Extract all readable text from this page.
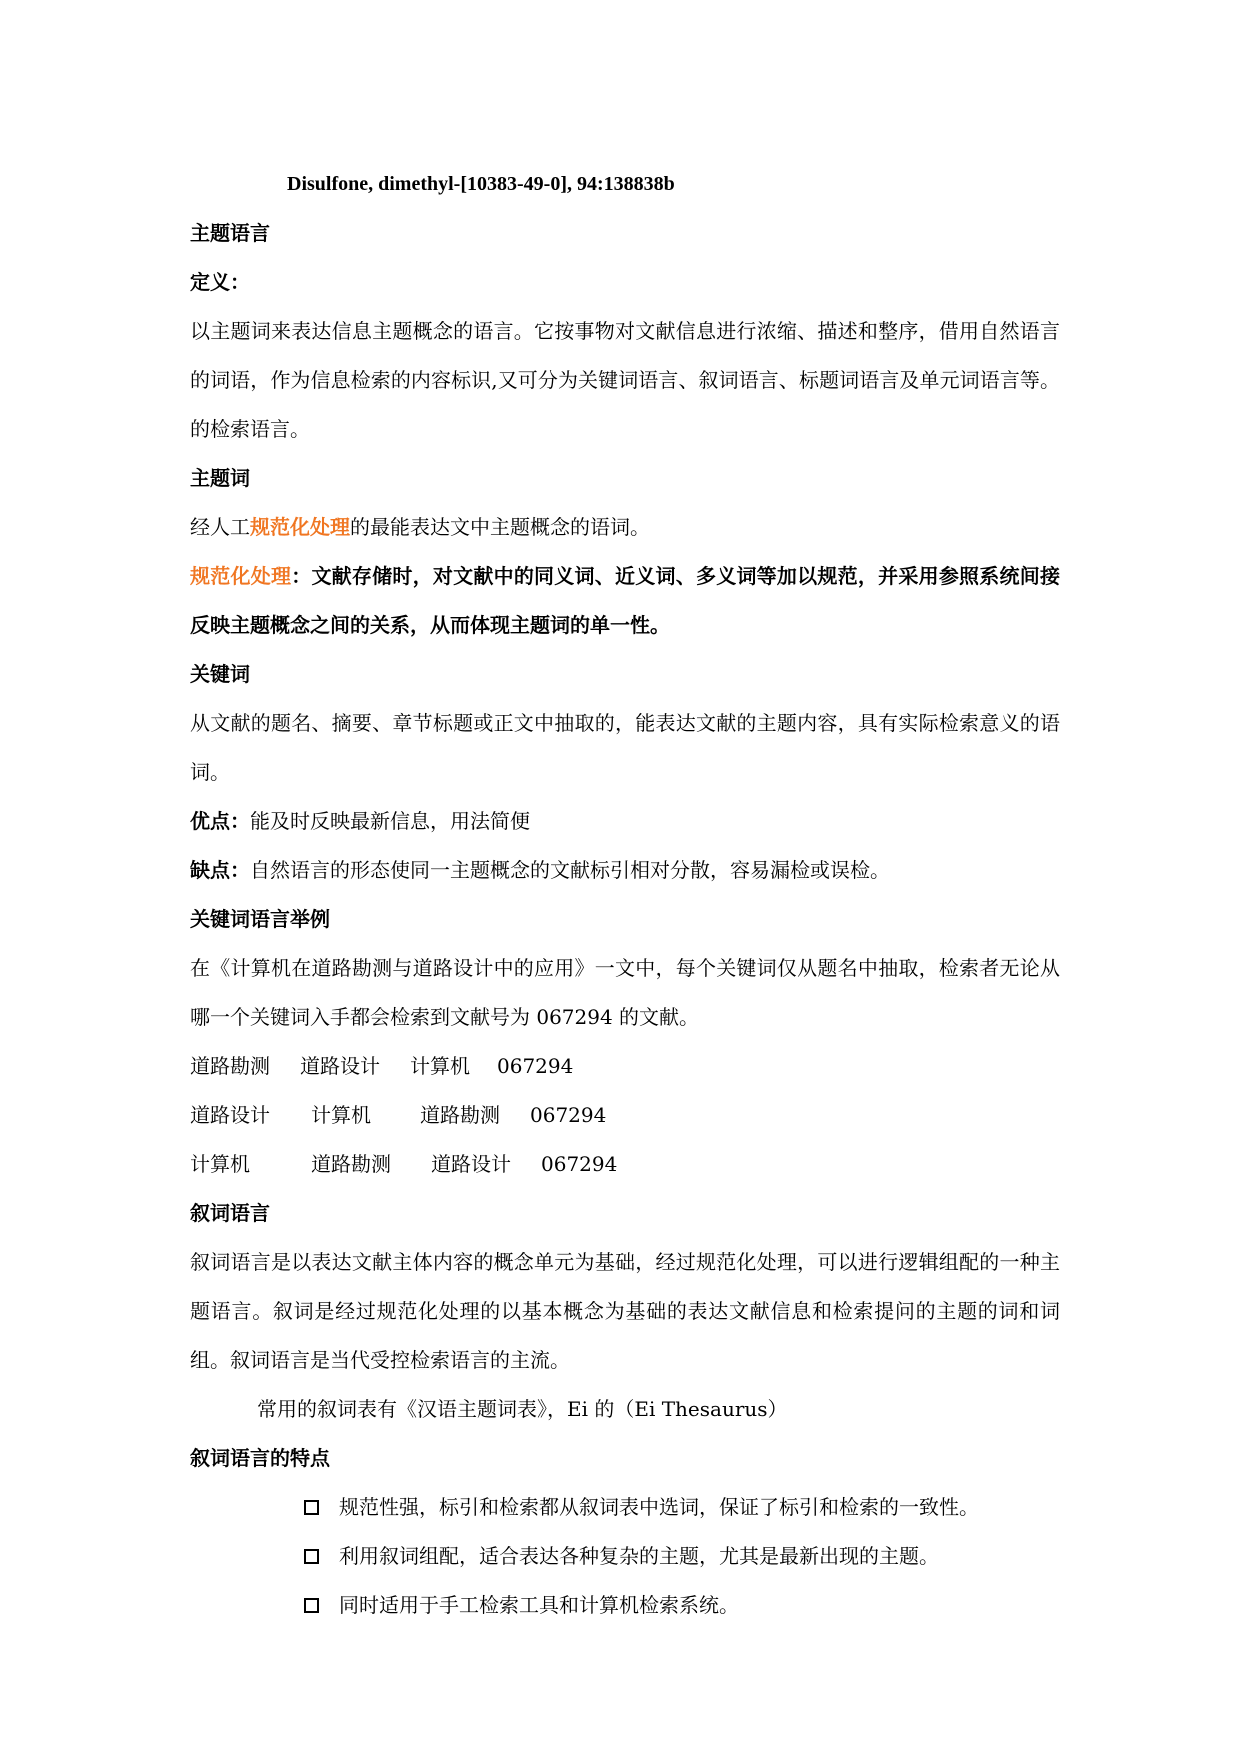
Disulfone, dimethyl-[10383-49-0], 94:138838b
主题语言
定义：
以主题词来表达信息主题概念的语言。它按事物对文献信息进行浓缩、描述和整序，借用自然语言的词语，作为信息检索的内容标识,又可分为关键词语言、叙词语言、标题词语言及单元词语言等。的检索语言。
主题词
经人工规范化处理的最能表达文中主题概念的语词。
规范化处理：文献存储时，对文献中的同义词、近义词、多义词等加以规范，并采用参照系统间接反映主题概念之间的关系，从而体现主题词的单一性。
关键词
从文献的题名、摘要、章节标题或正文中抽取的，能表达文献的主题内容，具有实际检索意义的语词。
优点：能及时反映最新信息，用法简便
缺点：自然语言的形态使同一主题概念的文献标引相对分散，容易漏检或误检。
关键词语言举例
在《计算机在道路勘测与道路设计中的应用》一文中，每个关键词仅从题名中抽取，检索者无论从哪一个关键词入手都会检索到文献号为 067294 的文献。
道路勘测	道路设计	计算机	067294
道路设计	计算机	道路勘测	067294
计算机	道路勘测	道路设计	067294
叙词语言
叙词语言是以表达文献主体内容的概念单元为基础，经过规范化处理，可以进行逻辑组配的一种主题语言。叙词是经过规范化处理的以基本概念为基础的表达文献信息和检索提问的主题的词和词组。叙词语言是当代受控检索语言的主流。
常用的叙词表有《汉语主题词表》，Ei 的（Ei Thesaurus）
叙词语言的特点
规范性强，标引和检索都从叙词表中选词，保证了标引和检索的一致性。
利用叙词组配，适合表达各种复杂的主题，尤其是最新出现的主题。
同时适用于手工检索工具和计算机检索系统。
